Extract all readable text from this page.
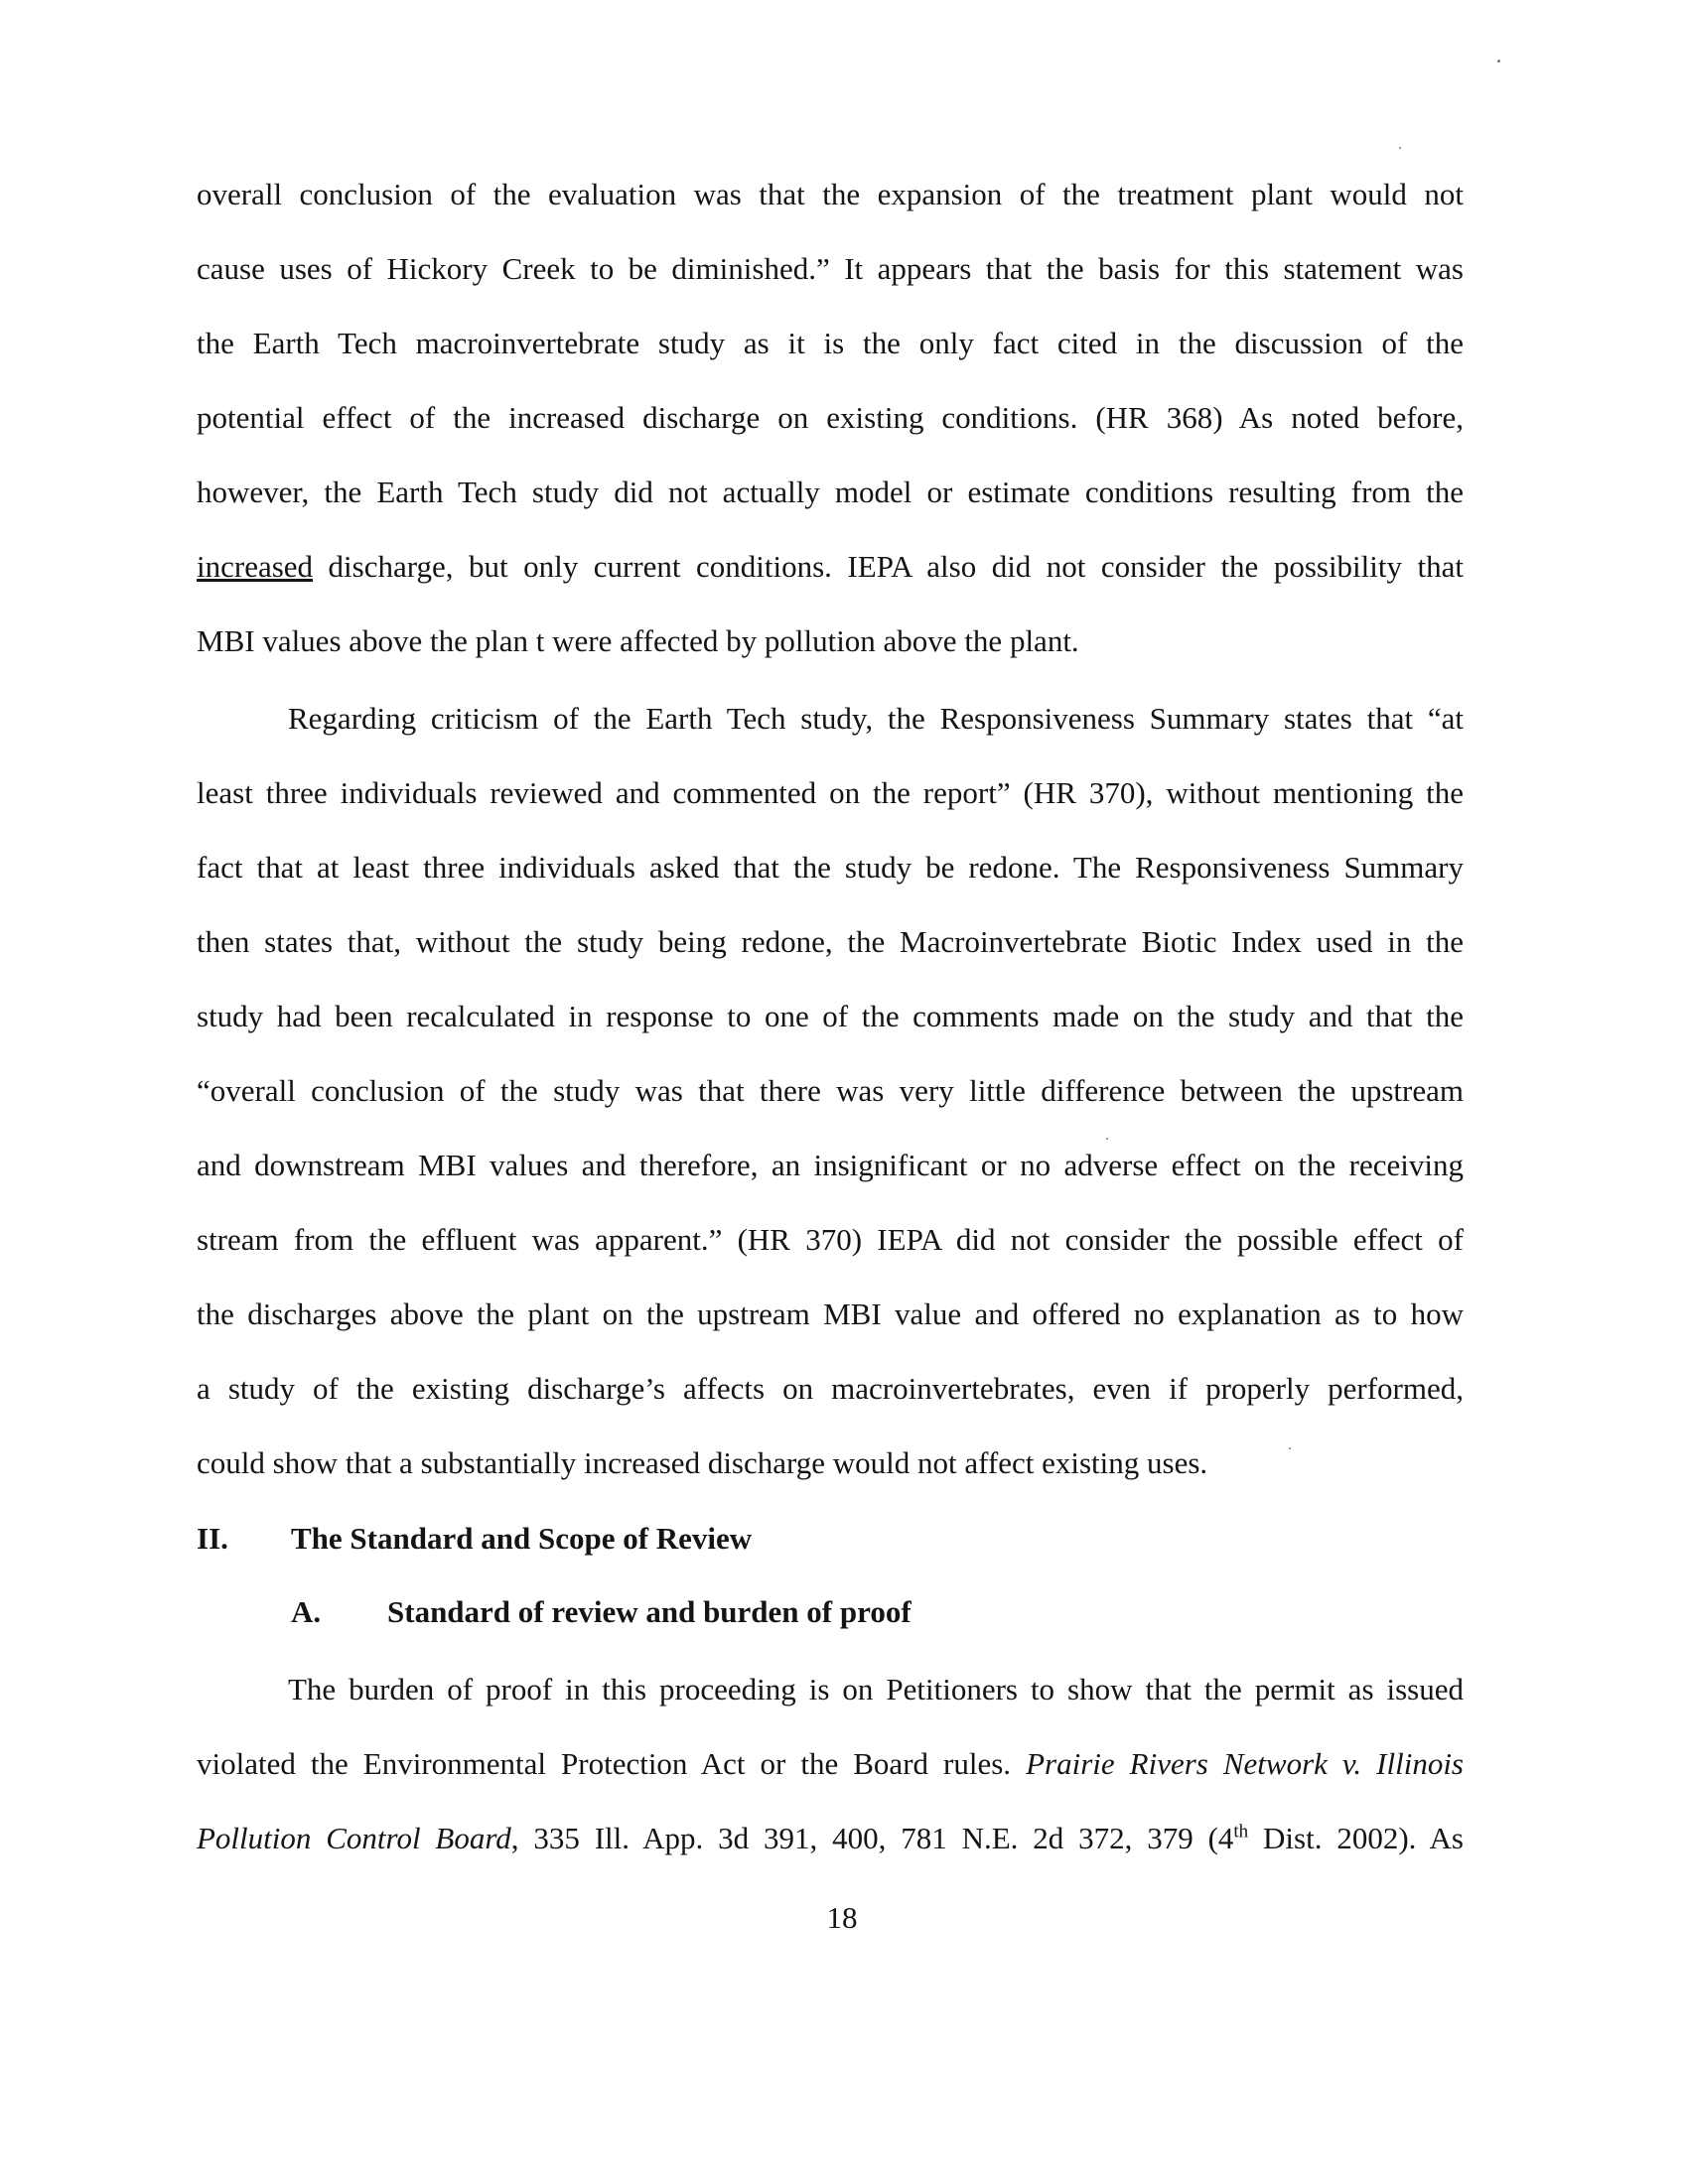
overall conclusion of the evaluation was that the expansion of the treatment plant would not
cause uses of Hickory Creek to be diminished.” It appears that the basis for this statement was
the Earth Tech macroinvertebrate study as it is the only fact cited in the discussion of the
potential effect of the increased discharge on existing conditions. (HR 368) As noted before,
however, the Earth Tech study did not actually model or estimate conditions resulting from the
increased discharge, but only current conditions. IEPA also did not consider the possibility that
MBI values above the plan t were affected by pollution above the plant.
Regarding criticism of the Earth Tech study, the Responsiveness Summary states that “at
least three individuals reviewed and commented on the report” (HR 370), without mentioning the
fact that at least three individuals asked that the study be redone. The Responsiveness Summary
then states that, without the study being redone, the Macroinvertebrate Biotic Index used in the
study had been recalculated in response to one of the comments made on the study and that the
“overall conclusion of the study was that there was very little difference between the upstream
and downstream MBI values and therefore, an insignificant or no adverse effect on the receiving
stream from the effluent was apparent.” (HR 370) IEPA did not consider the possible effect of
the discharges above the plant on the upstream MBI value and offered no explanation as to how
a study of the existing discharge’s affects on macroinvertebrates, even if properly performed,
could show that a substantially increased discharge would not affect existing uses.
II. The Standard and Scope of Review
A. Standard of review and burden of proof
The burden of proof in this proceeding is on Petitioners to show that the permit as issued
violated the Environmental Protection Act or the Board rules. Prairie Rivers Network v. Illinois
Pollution Control Board, 335 Ill. App. 3d 391, 400, 781 N.E. 2d 372, 379 (4th Dist. 2002). As
18
